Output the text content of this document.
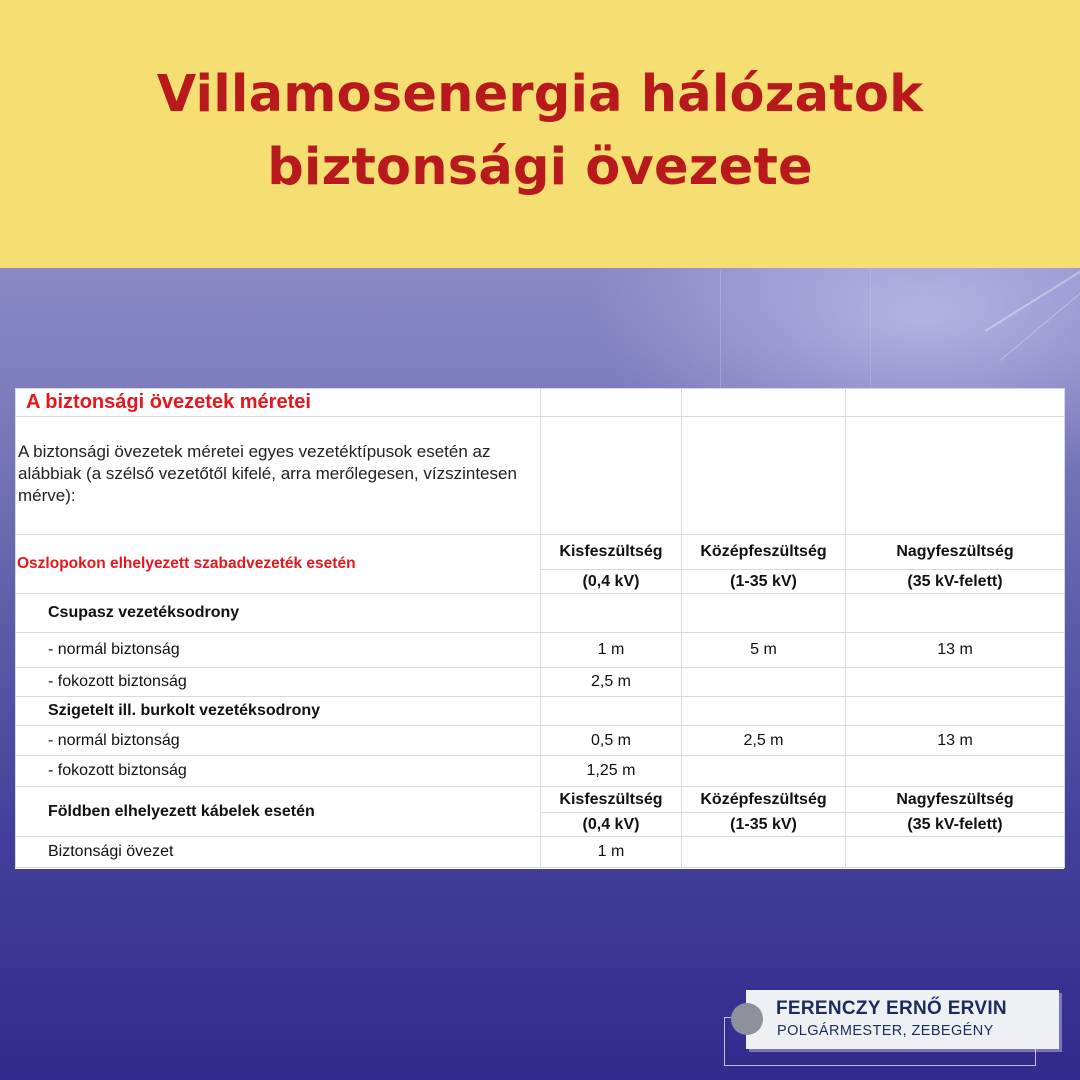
Villamosenergia hálózatok
biztonsági övezete
A biztonsági övezetek méretei			
A biztonsági övezetek méretei egyes vezetéktípusok esetén az alábbiak (a szélső vezetőtől kifelé, arra merőlegesen, vízszintesen mérve):			
Oszlopokon elhelyezett szabadvezeték esetén	Kisfeszültség	Középfeszültség	Nagyfeszültség
	(0,4 kV)	(1-35 kV)	(35 kV-felett)
Csupasz vezetéksodrony			
- normál biztonság	1 m	5 m	13 m
- fokozott biztonság	2,5 m		
Szigetelt ill. burkolt vezetéksodrony			
- normál biztonság	0,5 m	2,5 m	13 m
- fokozott biztonság	1,25 m		
Földben elhelyezett kábelek esetén	Kisfeszültség	Középfeszültség	Nagyfeszültség
	(0,4 kV)	(1-35 kV)	(35 kV-felett)
Biztonsági övezet	1 m		
FERENCZY ERNŐ ERVIN
POLGÁRMESTER, ZEBEGÉNY
